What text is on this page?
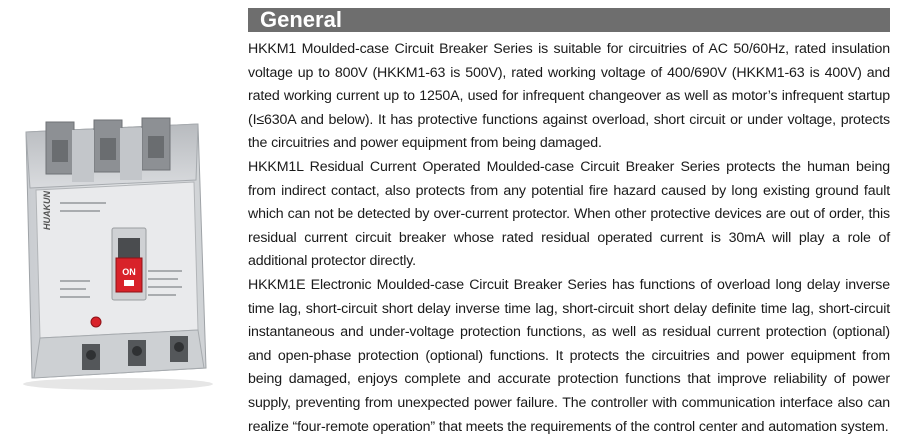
HUAKUN
ON
General

HKKM1 Moulded-case Circuit Breaker Series is suitable for circuitries of AC 50/60Hz, rated insulation voltage up to 800V (HKKM1-63 is 500V), rated working voltage of 400/690V (HKKM1-63 is 400V) and rated working current up to 1250A, used for infrequent changeover as well as motor’s infrequent startup (I≤630A and below). It has protective functions against overload, short circuit or under voltage, protects the circuitries and power equipment from being damaged.

HKKM1L Residual Current Operated Moulded-case Circuit Breaker Series protects the human being from indirect contact, also protects from any potential fire hazard caused by long existing ground fault which can not be detected by over-current protector. When other protective devices are out of order, this residual current circuit breaker whose rated residual operated current is 30mA will play a role of additional protector directly.

HKKM1E Electronic Moulded-case Circuit Breaker Series has functions of overload long delay inverse time lag, short-circuit short delay inverse time lag, short-circuit short delay definite time lag, short-circuit instantaneous and under-voltage protection functions, as well as residual current protection (optional) and open-phase protection (optional) functions. It protects the circuitries and power equipment from being damaged, enjoys complete and accurate protection functions that improve reliability of power supply, preventing from unexpected power failure. The controller with communication interface also can realize “four-remote operation” that meets the requirements of the control center and automation system.
